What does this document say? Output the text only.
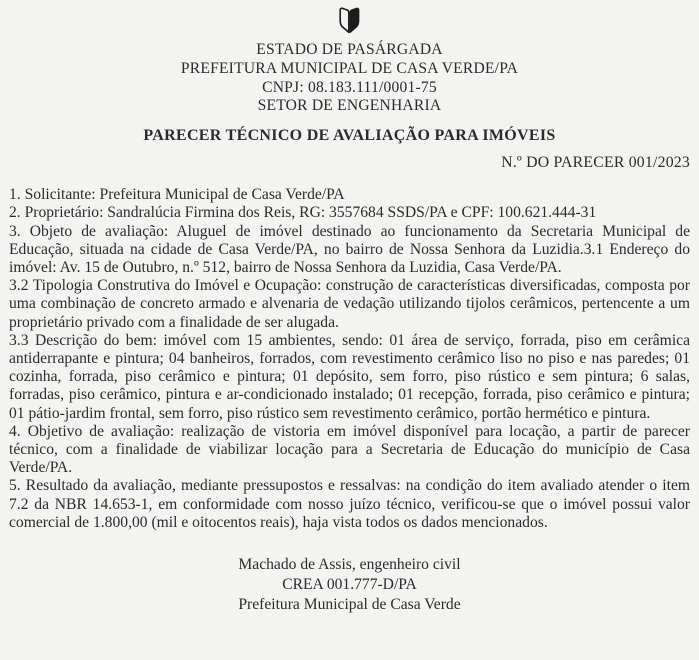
ESTADO DE PASÁRGADA
PREFEITURA MUNICIPAL DE CASA VERDE/PA
CNPJ: 08.183.111/0001-75
SETOR DE ENGENHARIA
PARECER TÉCNICO DE AVALIAÇÃO PARA IMÓVEIS
N.º DO PARECER 001/2023

1. Solicitante: Prefeitura Municipal de Casa Verde/PA

2. Proprietário: Sandralúcia Firmina dos Reis, RG: 3557684 SSDS/PA e CPF: 100.621.444-31

3. Objeto de avaliação: Aluguel de imóvel destinado ao funcionamento da Secretaria Municipal de Educação, situada na cidade de Casa Verde/PA, no bairro de Nossa Senhora da Luzidia.3.1 Endereço do imóvel: Av. 15 de Outubro, n.º 512, bairro de Nossa Senhora da Luzidia, Casa Verde/PA.

3.2 Tipologia Construtiva do Imóvel e Ocupação: construção de características diversificadas, composta por uma combinação de concreto armado e alvenaria de vedação utilizando tijolos cerâmicos, pertencente a um proprietário privado com a finalidade de ser alugada.

3.3 Descrição do bem: imóvel com 15 ambientes, sendo: 01 área de serviço, forrada, piso em cerâmica antiderrapante e pintura; 04 banheiros, forrados, com revestimento cerâmico liso no piso e nas paredes; 01 cozinha, forrada, piso cerâmico e pintura; 01 depósito, sem forro, piso rústico e sem pintura; 6 salas, forradas, piso cerâmico, pintura e ar-condicionado instalado; 01 recepção, forrada, piso cerâmico e pintura; 01 pátio-jardim frontal, sem forro, piso rústico sem revestimento cerâmico, portão hermético e pintura.

4. Objetivo de avaliação: realização de vistoria em imóvel disponível para locação, a partir de parecer técnico, com a finalidade de viabilizar locação para a Secretaria de Educação do município de Casa Verde/PA.

5. Resultado da avaliação, mediante pressupostos e ressalvas: na condição do item avaliado atender o item 7.2 da NBR 14.653-1, em conformidade com nosso juízo técnico, verificou-se que o imóvel possui valor comercial de 1.800,00 (mil e oitocentos reais), haja vista todos os dados mencionados.

Machado de Assis, engenheiro civil
CREA 001.777-D/PA
Prefeitura Municipal de Casa Verde
